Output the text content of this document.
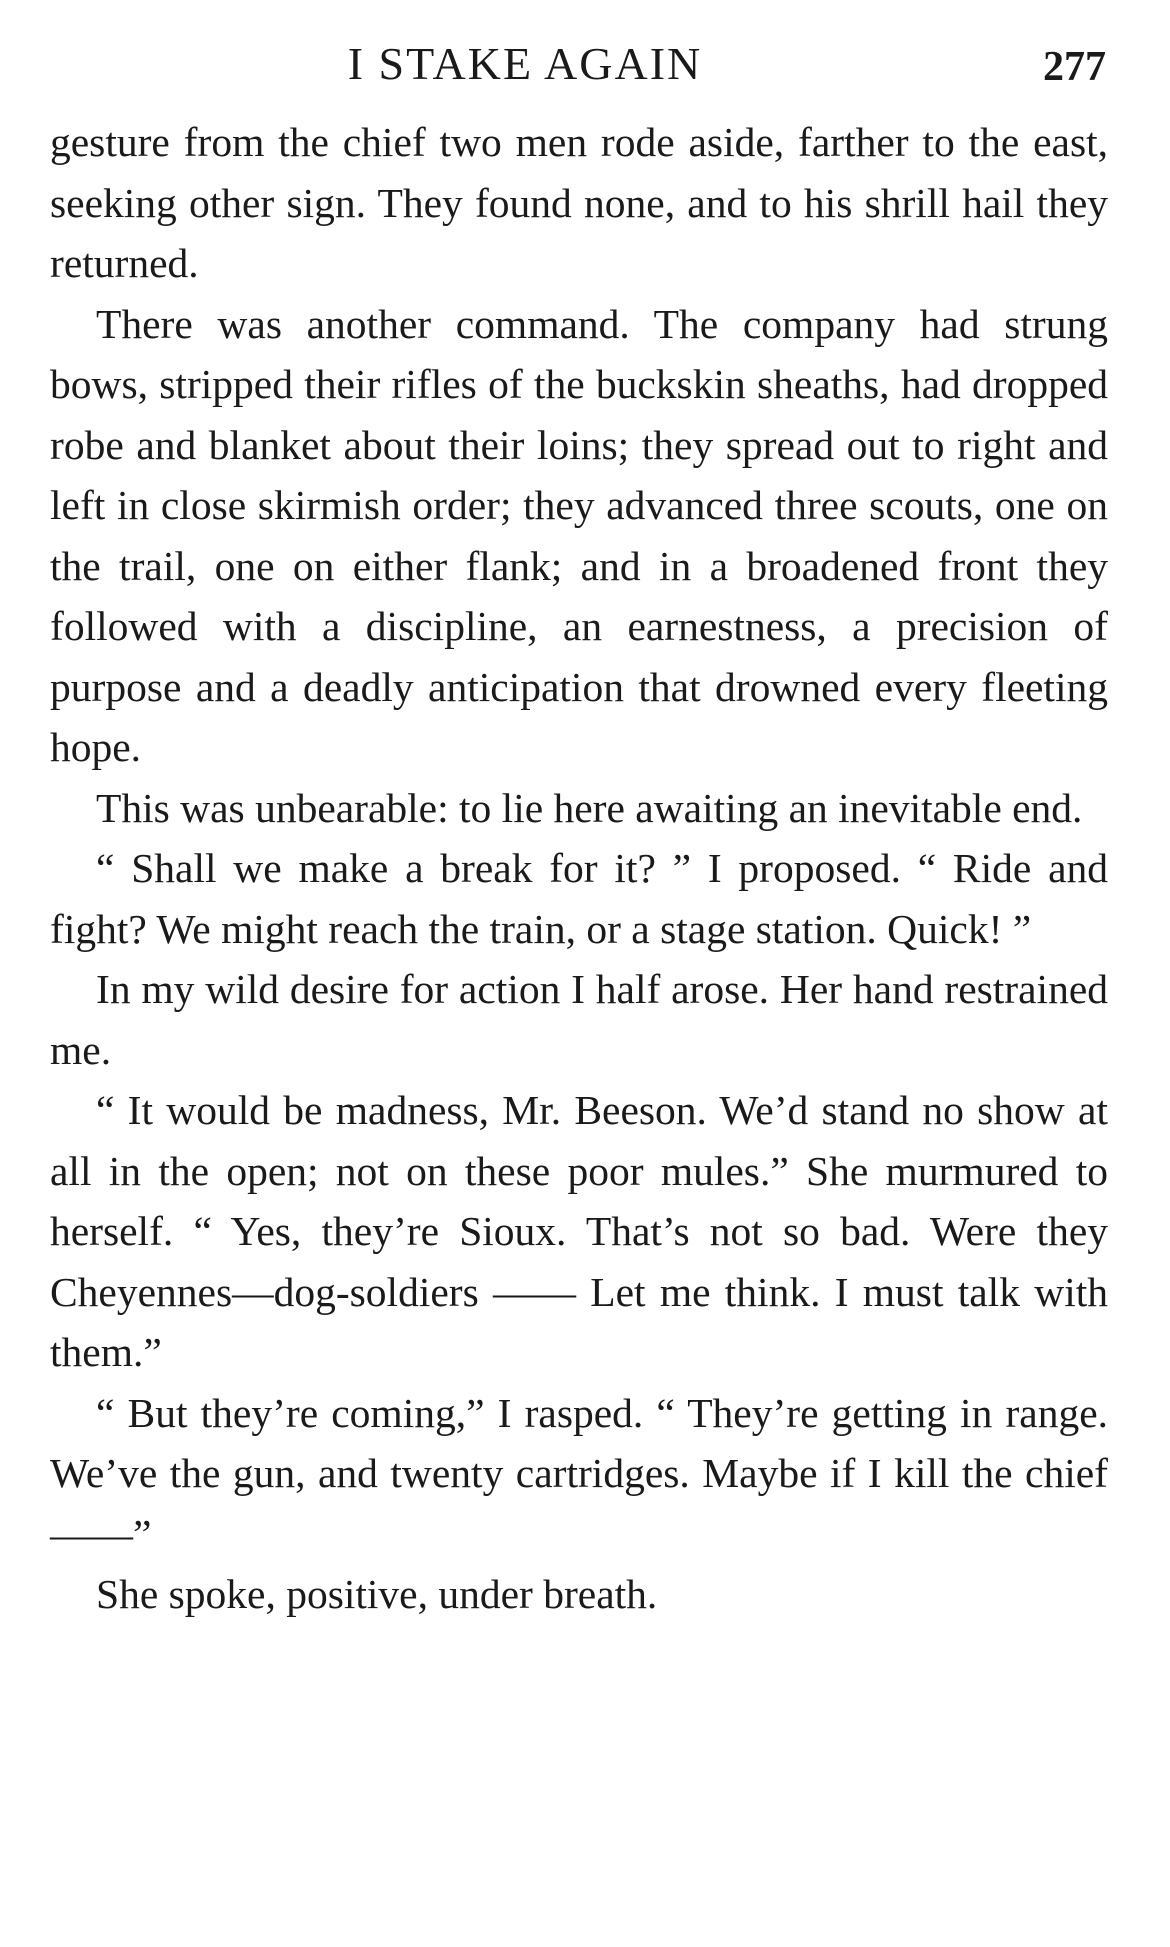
I STAKE AGAIN	277

gesture from the chief two men rode aside, farther to the east, seeking other sign. They found none, and to his shrill hail they returned.

There was another command. The company had strung bows, stripped their rifles of the buckskin sheaths, had dropped robe and blanket about their loins; they spread out to right and left in close skirmish order; they advanced three scouts, one on the trail, one on either flank; and in a broadened front they followed with a discipline, an earnestness, a precision of purpose and a deadly anticipation that drowned every fleeting hope.

This was unbearable: to lie here awaiting an inevitable end.

“ Shall we make a break for it? ” I proposed. “ Ride and fight? We might reach the train, or a stage station. Quick! ”

In my wild desire for action I half arose. Her hand restrained me.

“ It would be madness, Mr. Beeson. We’d stand no show at all in the open; not on these poor mules.” She murmured to herself. “ Yes, they’re Sioux. That’s not so bad. Were they Cheyennes—dog-soldiers —— Let me think. I must talk with them.”

“ But they’re coming,” I rasped. “ They’re getting in range. We’ve the gun, and twenty cartridges. Maybe if I kill the chief ——”

She spoke, positive, under breath.
